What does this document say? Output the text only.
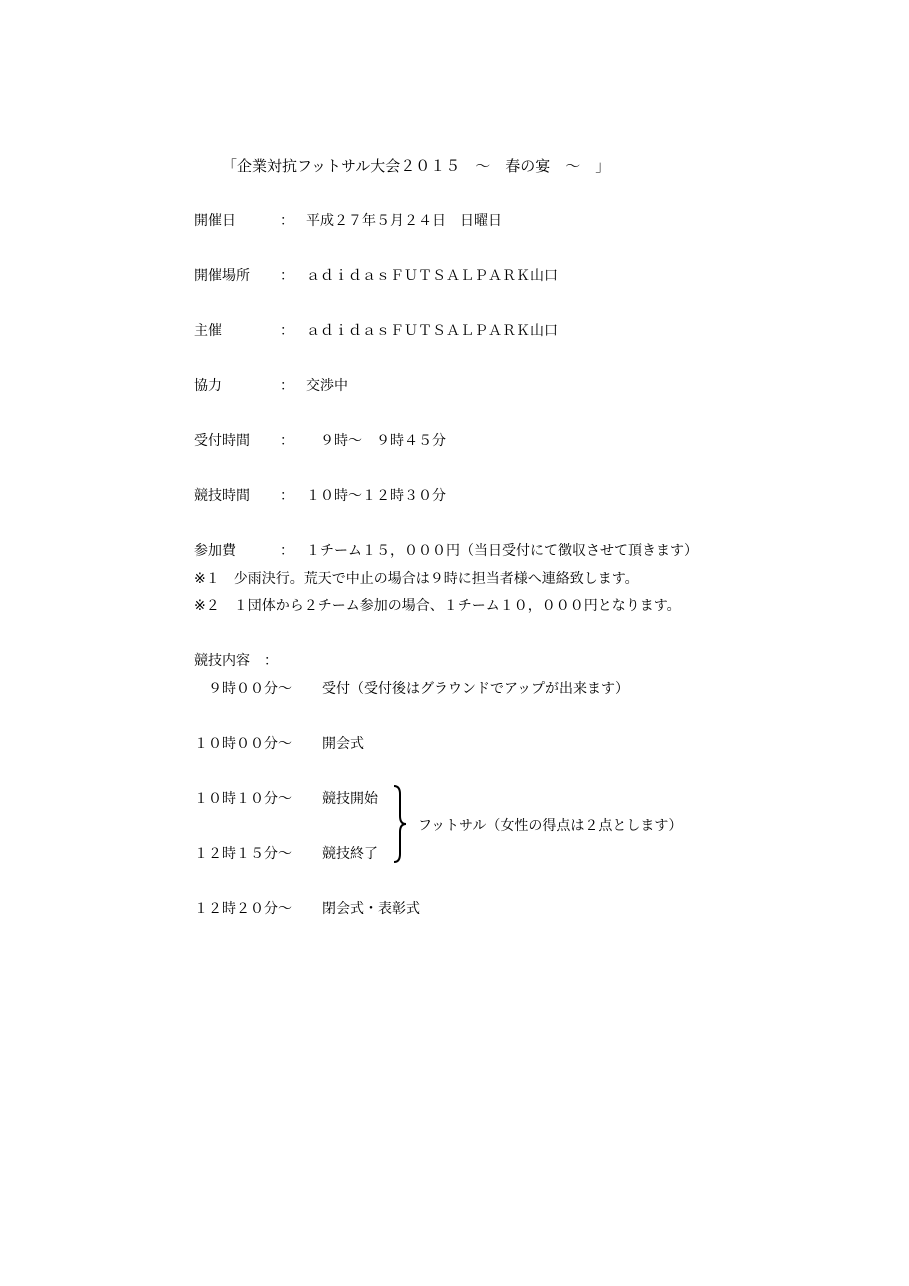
「企業対抗フットサル大会２０１５　～　春の宴　～　」
開催日	： 平成２７年５月２４日　日曜日
開催場所 ： ａｄｉｄａｓＦＵＴＳＡＬＰＡＲＫ山口
主催	： ａｄｉｄａｓＦＵＴＳＡＬＰＡＲＫ山口
協力	： 交渉中
受付時間 ： 　９時～　９時４５分
競技時間 ： １０時～１２時３０分
参加費	： １チーム１５，０００円（当日受付にて徴収させて頂きます）
※１　少雨決行。荒天で中止の場合は９時に担当者様へ連絡致します。
※２　１団体から２チーム参加の場合、１チーム１０，０００円となります。
競技内容　：
　９時００分～ 受付（受付後はグラウンドでアップが出来ます）
１０時００分～ 開会式
１０時１０分～ 競技開始
１２時１５分～ 競技終了
フットサル（女性の得点は２点とします）
１２時２０分～ 閉会式・表彰式
